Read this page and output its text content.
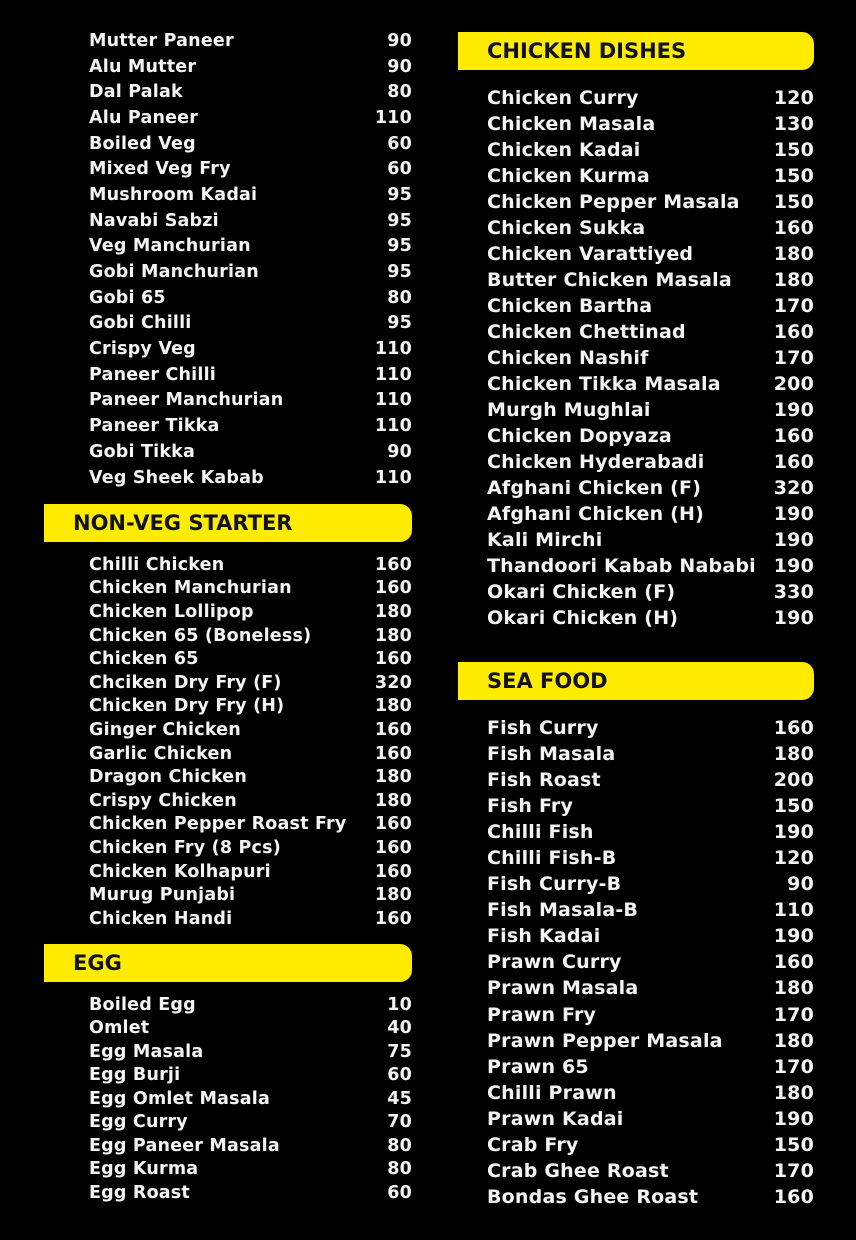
Mutter Paneer	90
Alu Mutter	90
Dal Palak	80
Alu Paneer	110
Boiled Veg	60
Mixed Veg Fry	60
Mushroom Kadai	95
Navabi Sabzi	95
Veg Manchurian	95
Gobi Manchurian	95
Gobi 65	80
Gobi Chilli	95
Crispy Veg	110
Paneer Chilli	110
Paneer Manchurian	110
Paneer Tikka	110
Gobi Tikka	90
Veg Sheek Kabab	110
NON-VEG STARTER
Chilli Chicken	160
Chicken Manchurian	160
Chicken Lollipop	180
Chicken 65 (Boneless)	180
Chicken 65	160
Chciken Dry Fry (F)	320
Chicken Dry Fry (H)	180
Ginger Chicken	160
Garlic Chicken	160
Dragon Chicken	180
Crispy Chicken	180
Chicken Pepper Roast Fry 160
Chicken Fry (8 Pcs)	160
Chicken Kolhapuri	160
Murug Punjabi	180
Chicken Handi	160
EGG
Boiled Egg	10
Omlet	40
Egg Masala	75
Egg Burji	60
Egg Omlet Masala	45
Egg Curry	70
Egg Paneer Masala	80
Egg Kurma	80
Egg Roast	60
CHICKEN DISHES
Chicken Curry	120
Chicken Masala	130
Chicken Kadai	150
Chicken Kurma	150
Chicken Pepper Masala 150
Chicken Sukka	160
Chicken Varattiyed	180
Butter Chicken Masala 180
Chicken Bartha	170
Chicken Chettinad	160
Chicken Nashif	170
Chicken Tikka Masala	200
Murgh Mughlai	190
Chicken Dopyaza	160
Chicken Hyderabadi	160
Afghani Chicken (F)	320
Afghani Chicken (H)	190
Kali Mirchi	190
Thandoori Kabab Nababi 190
Okari Chicken (F)	330
Okari Chicken (H)	190
SEA FOOD
Fish Curry	160
Fish Masala	180
Fish Roast	200
Fish Fry	150
Chilli Fish	190
Chilli Fish-B	120
Fish Curry-B	90
Fish Masala-B	110
Fish Kadai	190
Prawn Curry	160
Prawn Masala	180
Prawn Fry	170
Prawn Pepper Masala	180
Prawn 65	170
Chilli Prawn	180
Prawn Kadai	190
Crab Fry	150
Crab Ghee Roast	170
Bondas Ghee Roast	160
